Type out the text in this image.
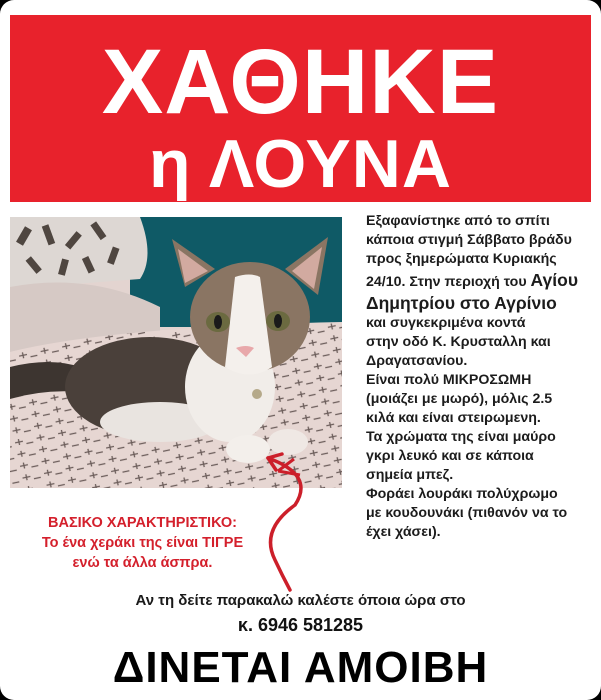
ΧΑΘΗΚΕ
η ΛΟΥΝΑ
Εξαφανίστηκε από το σπίτι
κάποια στιγμή Σάββατο βράδυ
προς ξημερώματα Κυριακής
24/10. Στην περιοχή του Αγίου
Δημητρίου στο Αγρίνιο
και συγκεκριμένα κοντά
στην οδό Κ. Κρυσταλλη και
Δραγατσανίου.
Είναι πολύ ΜΙΚΡΟΣΩΜΗ
(μοιάζει με μωρό), μόλις 2.5
κιλά και είναι στειρωμενη.
Τα χρώματα της είναι μαύρο
γκρι λευκό και σε κάποια
σημεία μπεζ.
Φοράει λουράκι πολύχρωμο
με κουδουνάκι (πιθανόν να το
έχει χάσει).
ΒΑΣΙΚΟ ΧΑΡΑΚΤΗΡΙΣΤΙΚΟ:
Το ένα χεράκι της είναι ΤΙΓΡΕ
ενώ τα άλλα άσπρα.
Αν τη δείτε παρακαλώ καλέστε όποια ώρα στο
κ. 6946 581285
ΔΙΝΕΤΑΙ ΑΜΟΙΒΗ
